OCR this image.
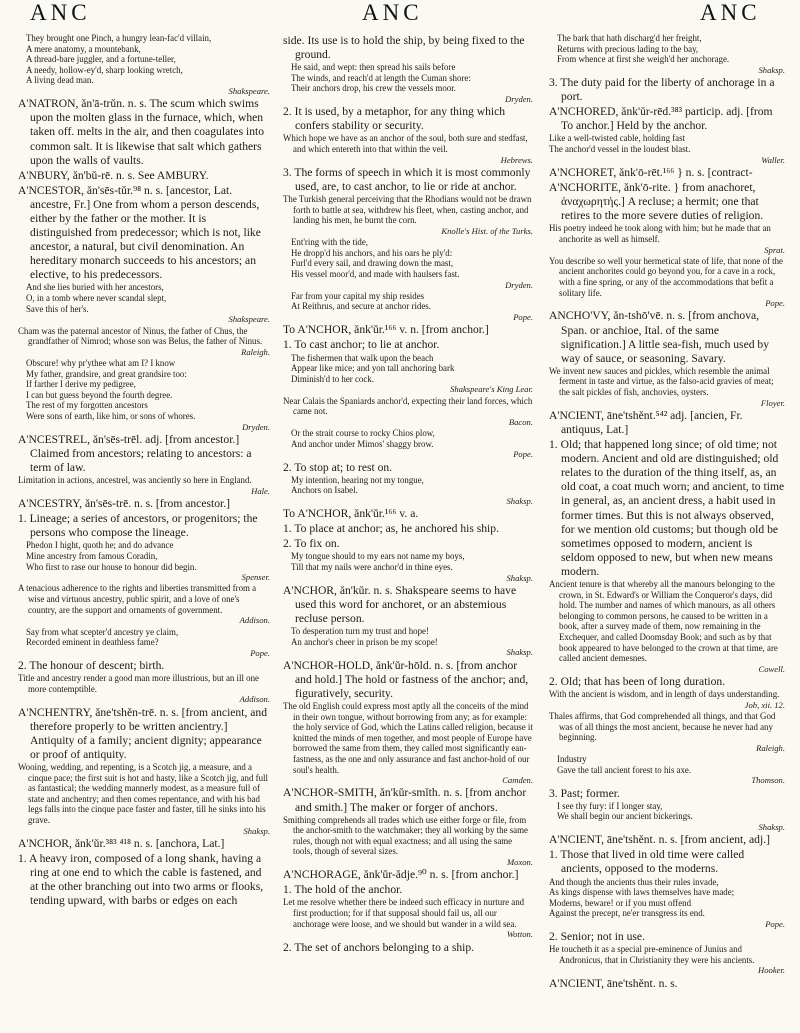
ANC	ANC	ANC

They brought one Pinch, a hungry lean-fac'd villain,

A mere anatomy, a mountebank,

A thread-bare juggler, and a fortune-teller,

A needy, hollow-ey'd, sharp looking wretch,

A living dead man.

Shakspeare.

A'NATRON, ǎn'ā-trǔn. n. s. The scum which swims upon the molten glass in the furnace, which, when taken off. melts in the air, and then coagulates into common salt. It is likewise that salt which gathers upon the walls of vaults.

A'NBURY, ǎn'bǔ-rē. n. s. See AMBURY.

A'NCESTOR, ǎn'sēs-tǔr.⁹⁸ n. s. [ancestor, Lat. ancestre, Fr.] One from whom a person descends, either by the father or the mother. It is distinguished from predecessor; which is not, like ancestor, a natural, but civil denomination. An hereditary monarch succeeds to his ancestors; an elective, to his predecessors.

And she lies buried with her ancestors,

O, in a tomb where never scandal slept,

Save this of her's.

Shakspeare.

Cham was the paternal ancestor of Ninus, the father of Chus, the grandfather of Nimrod; whose son was Belus, the father of Ninus.

Raleigh.

Obscure! why pr'ythee what am I? I know

My father, grandsire, and great grandsire too:

If farther I derive my pedigree,

I can but guess beyond the fourth degree.

The rest of my forgotten ancestors

Were sons of earth, like him, or sons of whores.

Dryden.

A'NCESTREL, ǎn'sēs-trēl. adj. [from ancestor.] Claimed from ancestors; relating to ancestors: a term of law.

Limitation in actions, ancestrel, was anciently so here in England.

Hale.

A'NCESTRY, ǎn'sēs-trē. n. s. [from ancestor.]

1. Lineage; a series of ancestors, or progenitors; the persons who compose the lineage.

Phedon I hight, quoth he; and do advance

Mine ancestry from famous Coradin,

Who first to rase our house to honour did begin.

Spenser.

A tenacious adherence to the rights and liberties transmitted from a wise and virtuous ancestry, public spirit, and a love of one's country, are the support and ornaments of government.

Addison.

Say from what scepter'd ancestry ye claim,

Recorded eminent in deathless fame?

Pope.

2. The honour of descent; birth.

Title and ancestry render a good man more illustrious, but an ill one more contemptible.

Addison.

A'NCHENTRY, ǎne'tshěn-trē. n. s. [from ancient, and therefore properly to be written ancientry.] Antiquity of a family; ancient dignity; appearance or proof of antiquity.

Wooing, wedding, and repenting, is a Scotch jig, a measure, and a cinque pace; the first suit is hot and hasty, like a Scotch jig, and full as fantastical; the wedding mannerly modest, as a measure full of state and anchentry; and then comes repentance, and with his bad legs falls into the cinque pace faster and faster, till he sinks into his grave.

Shaksp.

A'NCHOR, ǎnk'ǔr.³⁸³ ⁴¹⁸ n. s. [anchora, Lat.]

1. A heavy iron, composed of a long shank, having a ring at one end to which the cable is fastened, and at the other branching out into two arms or flooks, tending upward, with barbs or edges on each

side. Its use is to hold the ship, by being fixed to the ground.

He said, and wept: then spread his sails before

The winds, and reach'd at length the Cuman shore:

Their anchors drop, his crew the vessels moor.

Dryden.

2. It is used, by a metaphor, for any thing which confers stability or security.

Which hope we have as an anchor of the soul, both sure and stedfast, and which entereth into that within the veil.

Hebrews.

3. The forms of speech in which it is most commonly used, are, to cast anchor, to lie or ride at anchor.

The Turkish general perceiving that the Rhodians would not be drawn forth to battle at sea, withdrew his fleet, when, casting anchor, and landing his men, he burnt the corn.

Knolle's Hist. of the Turks.

Ent'ring with the tide,

He dropp'd his anchors, and his oars he ply'd:

Furl'd every sail, and drawing down the mast,

His vessel moor'd, and made with haulsers fast.

Dryden.

Far from your capital my ship resides

At Reithrus, and secure at anchor rides.

Pope.

To A'NCHOR, ǎnk'ǔr.¹⁶⁶ v. n. [from anchor.]

1. To cast anchor; to lie at anchor.

The fishermen that walk upon the beach

Appear like mice; and yon tall anchoring bark

Diminish'd to her cock.

Shakspeare's King Lear.

Near Calais the Spaniards anchor'd, expecting their land forces, which came not.

Bacon.

Or the strait course to rocky Chios plow,

And anchor under Mimos' shaggy brow.

Pope.

2. To stop at; to rest on.

My intention, hearing not my tongue,

Anchors on Isabel.

Shaksp.

To A'NCHOR, ǎnk'ǔr.¹⁶⁶ v. a.

1. To place at anchor; as, he anchored his ship.

2. To fix on.

My tongue should to my ears not name my boys,

Till that my nails were anchor'd in thine eyes.

Shaksp.

A'NCHOR, ǎn'kǔr. n. s. Shakspeare seems to have used this word for anchoret, or an abstemious recluse person.

To desperation turn my trust and hope!

An anchor's cheer in prison be my scope!

Shaksp.

A'NCHOR-HOLD, ǎnk'ǔr-hōld. n. s. [from anchor and hold.] The hold or fastness of the anchor; and, figuratively, security.

The old English could express most aptly all the conceits of the mind in their own tongue, without borrowing from any; as for example: the holy service of God, which the Latins called religion, because it knitted the minds of men together, and most people of Europe have borrowed the same from them, they called most significantly ean-fastness, as the one and only assurance and fast anchor-hold of our soul's health.

Camden.

A'NCHOR-SMITH, ǎn'kǔr-smǐth. n. s. [from anchor and smith.] The maker or forger of anchors.

Smithing comprehends all trades which use either forge or file, from the anchor-smith to the watchmaker; they all working by the same rules, though not with equal exactness; and all using the same tools, though of several sizes.

Moxon.

A'NCHORAGE, ǎnk'ǔr-ǎdje.⁹⁰ n. s. [from anchor.]

1. The hold of the anchor.

Let me resolve whether there be indeed such efficacy in nurture and first production; for if that supposal should fail us, all our anchorage were loose, and we should but wander in a wild sea.

Wotton.

2. The set of anchors belonging to a ship.

The bark that hath discharg'd her freight,

Returns with precious lading to the bay,

From whence at first she weigh'd her anchorage.

Shaksp.

3. The duty paid for the liberty of anchorage in a port.

A'NCHORED, ǎnk'ǔr-rēd.³⁸³ particip. adj. [from To anchor.] Held by the anchor.

Like a well-twisted cable, holding fast

The anchor'd vessel in the loudest blast.

Waller.

A'NCHORET, ǎnk'ō-rēt.¹⁶⁶ } n. s. [contract-

A'NCHORITE, ǎnk'ō-rite. } from anachoret, ἀναχωρητής.] A recluse; a hermit; one that retires to the more severe duties of religion.

His poetry indeed he took along with him; but he made that an anchorite as well as himself.

Sprat.

You describe so well your hermetical state of life, that none of the ancient anchorites could go beyond you, for a cave in a rock, with a fine spring, or any of the accommodations that befit a solitary life.

Pope.

ANCHO'VY, ǎn-tshō'vē. n. s. [from anchova, Span. or anchioe, Ital. of the same signification.] A little sea-fish, much used by way of sauce, or seasoning. Savary.

We invent new sauces and pickles, which resemble the animal ferment in taste and virtue, as the falso-acid gravies of meat; the salt pickles of fish, anchovies, oysters.

Floyer.

A'NCIENT, āne'tshěnt.⁵⁴² adj. [ancien, Fr. antiquus, Lat.]

1. Old; that happened long since; of old time; not modern. Ancient and old are distinguished; old relates to the duration of the thing itself, as, an old coat, a coat much worn; and ancient, to time in general, as, an ancient dress, a habit used in former times. But this is not always observed, for we mention old customs; but though old be sometimes opposed to modern, ancient is seldom opposed to new, but when new means modern.

Ancient tenure is that whereby all the manours belonging to the crown, in St. Edward's or William the Conqueror's days, did hold. The number and names of which manours, as all others belonging to common persons, he caused to be written in a book, after a survey made of them, now remaining in the Exchequer, and called Doomsday Book; and such as by that book appeared to have belonged to the crown at that time, are called ancient demesnes.

Cowell.

2. Old; that has been of long duration.

With the ancient is wisdom, and in length of days understanding.

Job, xii. 12.

Thales affirms, that God comprehended all things, and that God was of all things the most ancient, because he never had any beginning.

Raleigh.

Industry

Gave the tall ancient forest to his axe.

Thomson.

3. Past; former.

I see thy fury: if I longer stay,

We shall begin our ancient bickerings.

Shaksp.

A'NCIENT, āne'tshěnt. n. s. [from ancient, adj.]

1. Those that lived in old time were called ancients, opposed to the moderns.

And though the ancients thus their rules invade,

As kings dispense with laws themselves have made;

Moderns, beware! or if you must offend

Against the precept, ne'er transgress its end.

Pope.

2. Senior; not in use.

He toucheth it as a special pre-eminence of Junius and Andronicus, that in Christianity they were his ancients.

Hooker.

A'NCIENT, āne'tshěnt. n. s.
